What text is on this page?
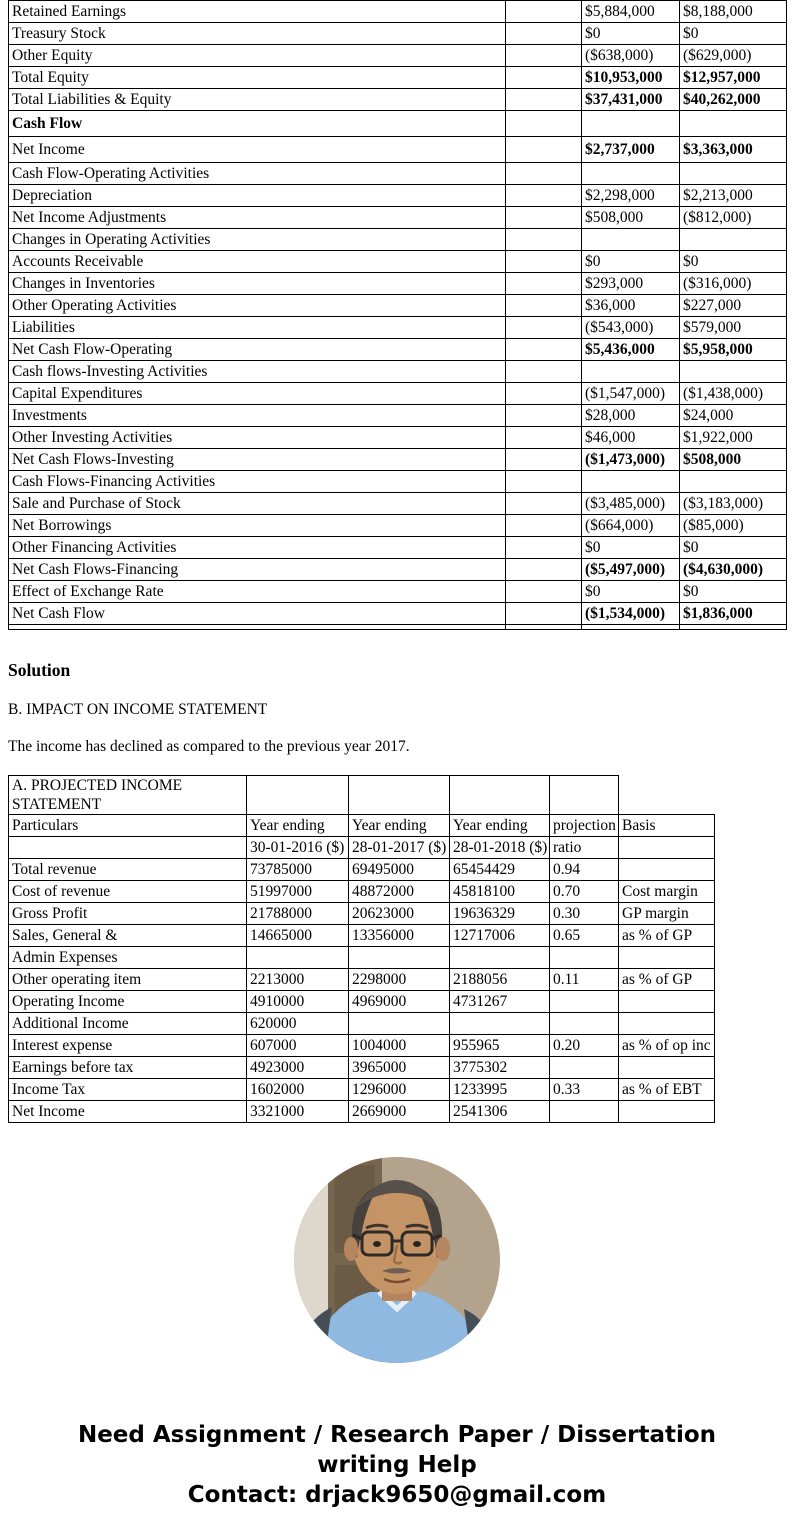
Retained Earnings		$5,884,000	$8,188,000
Treasury Stock		$0	$0
Other Equity		($638,000)	($629,000)
Total Equity		$10,953,000	$12,957,000
Total Liabilities & Equity		$37,431,000	$40,262,000
Cash Flow			
Net Income		$2,737,000	$3,363,000
Cash Flow-Operating Activities			
Depreciation		$2,298,000	$2,213,000
Net Income Adjustments		$508,000	($812,000)
Changes in Operating Activities			
Accounts Receivable		$0	$0
Changes in Inventories		$293,000	($316,000)
Other Operating Activities		$36,000	$227,000
Liabilities		($543,000)	$579,000
Net Cash Flow-Operating		$5,436,000	$5,958,000
Cash flows-Investing Activities			
Capital Expenditures		($1,547,000)	($1,438,000)
Investments		$28,000	$24,000
Other Investing Activities		$46,000	$1,922,000
Net Cash Flows-Investing		($1,473,000)	$508,000
Cash Flows-Financing Activities			
Sale and Purchase of Stock		($3,485,000)	($3,183,000)
Net Borrowings		($664,000)	($85,000)
Other Financing Activities		$0	$0
Net Cash Flows-Financing		($5,497,000)	($4,630,000)
Effect of Exchange Rate		$0	$0
Net Cash Flow		($1,534,000)	$1,836,000

Solution

B. IMPACT ON INCOME STATEMENT

The income has declined as compared to the previous year 2017.

A. PROJECTED INCOME STATEMENT					
Particulars	Year ending	Year ending	Year ending	projection	Basis
	30-01-2016 ($)	28-01-2017 ($)	28-01-2018 ($)	ratio	
Total revenue	73785000	69495000	65454429	0.94	
Cost of revenue	51997000	48872000	45818100	0.70	Cost margin
Gross Profit	21788000	20623000	19636329	0.30	GP margin
Sales, General &	14665000	13356000	12717006	0.65	as % of GP
Admin Expenses					
Other operating item	2213000	2298000	2188056	0.11	as % of GP
Operating Income	4910000	4969000	4731267		
Additional Income	620000				
Interest expense	607000	1004000	955965	0.20	as % of op inc
Earnings before tax	4923000	3965000	3775302		
Income Tax	1602000	1296000	1233995	0.33	as % of EBT
Net Income	3321000	2669000	2541306		
Need Assignment / Research Paper / Dissertation
writing Help
Contact: drjack9650@gmail.com
